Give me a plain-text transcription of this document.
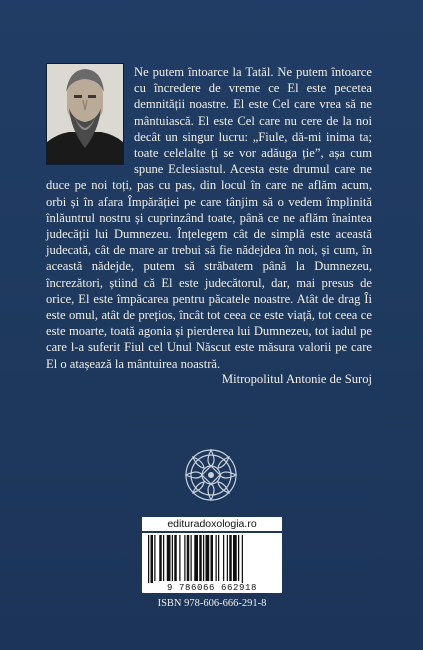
Ne putem întoarce la Tatăl. Ne putem întoarce cu încredere de vreme ce El este pecetea demnității noastre. El este Cel care vrea să ne mântuiască. El este Cel care nu cere de la noi decât un singur lucru: „Fiule, dă-mi inima ta; toate celelalte ți se vor adăuga ție”, așa cum spune Eclesiastul. Acesta este drumul care ne duce pe noi toți, pas cu pas, din locul în care ne aflăm acum, orbi și în afara Împărăției pe care tânjim să o vedem împlinită înlăuntrul nostru și cuprinzând toate, până ce ne aflăm înaintea judecății lui Dumnezeu. Înțelegem cât de simplă este această judecată, cât de mare ar trebui să fie nădejdea în noi, și cum, în această nădejde, putem să străbatem până la Dumnezeu, încrezători, știind că El este judecătorul, dar, mai presus de orice, El este împăcarea pentru păcatele noastre. Atât de drag Îi este omul, atât de prețios, încât tot ceea ce este viață, tot ceea ce este moarte, toată agonia și pierderea lui Dumnezeu, tot iadul pe care l-a suferit Fiul cel Unul Născut este măsura valorii pe care El o atașează la mântuirea noastră.
Mitropolitul Antonie de Suroj
edituradoxologia.ro
9 786066 662918
ISBN 978-606-666-291-8
